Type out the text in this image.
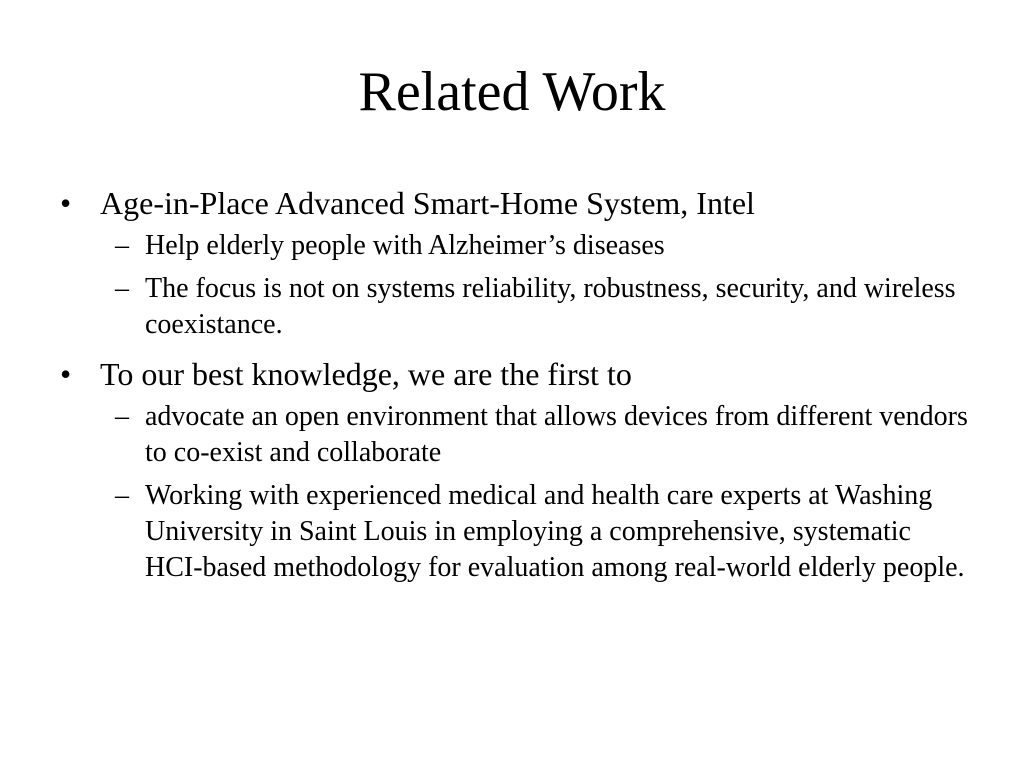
Related Work
• Age-in-Place Advanced Smart-Home System, Intel
– Help elderly people with Alzheimer’s diseases
– The focus is not on systems reliability, robustness, security, and wireless coexistance.
• To our best knowledge, we are the first to
– advocate an open environment that allows devices from different vendors to co-exist and collaborate
– Working with experienced medical and health care experts at Washing University in Saint Louis in employing a comprehensive, systematic HCI-based methodology for evaluation among real-world elderly people.
